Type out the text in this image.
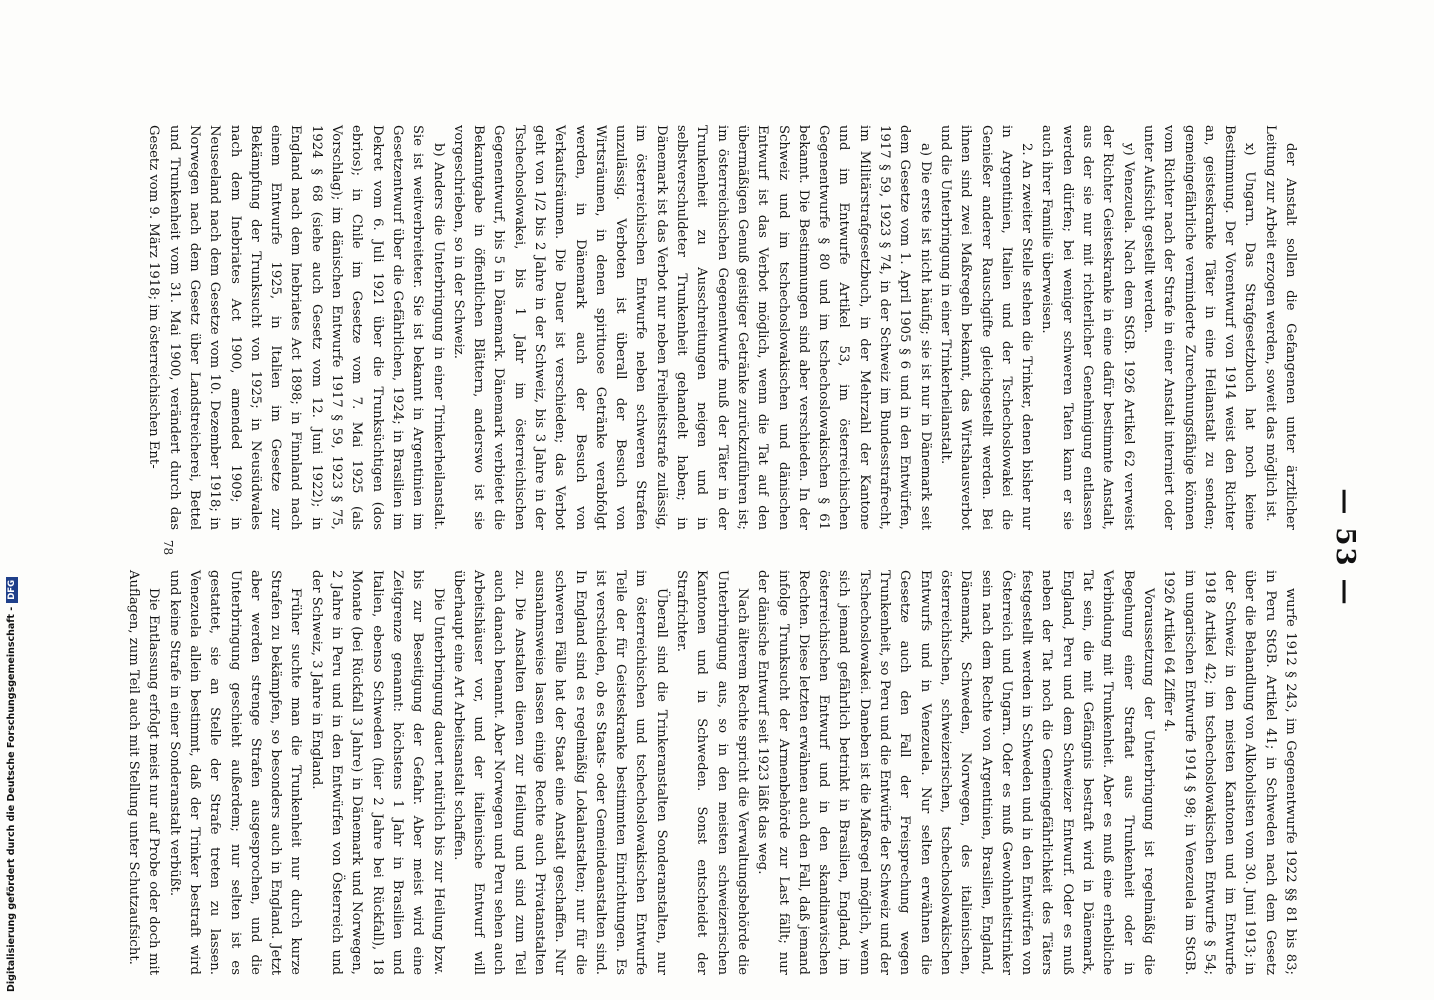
— 53 —

der Anstalt sollen die Gefangenen unter ärztlicher Leitung zur Arbeit erzogen werden, soweit das möglich ist.

x) Ungarn. Das Strafgesetzbuch hat noch keine Bestimmung. Der Vorentwurf von 1914 weist den Richter an, geisteskranke Täter in eine Heilanstalt zu senden; gemeingefährliche verminderte Zurechnungsfähige können vom Richter nach der Strafe in einer Anstalt interniert oder unter Aufsicht gestellt werden.

y) Venezuela. Nach dem StGB. 1926 Artikel 62 verweist der Richter Geisteskranke in eine dafür bestimmte Anstalt, aus der sie nur mit richterlicher Genehmigung entlassen werden dürfen; bei weniger schweren Taten kann er sie auch ihrer Familie überweisen.

2. An zweiter Stelle stehen die Trinker, denen bisher nur in Argentinien, Italien und der Tschechoslowakei die Genießer anderer Rauschgifte gleichgestellt werden. Bei ihnen sind zwei Maßregeln bekannt, das Wirtshausverbot und die Unterbringung in einer Trinkerheilanstalt.

a) Die erste ist nicht häufig; sie ist nur in Dänemark seit dem Gesetze vom 1. April 1905 § 6 und in den Entwürfen, 1917 § 59, 1923 § 74, in der Schweiz im Bundesstrafrecht, im Militärstrafgesetzbuch, in der Mehrzahl der Kantone und im Entwurfe Artikel 53, im österreichischen Gegenentwurfe § 80 und im tschechoslowakischen § 61 bekannt. Die Bestimmungen sind aber verschieden. In der Schweiz und im tschechoslowakischen und dänischen Entwurf ist das Verbot möglich, wenn die Tat auf den übermäßigen Genuß geistiger Getränke zurückzuführen ist; im österreichischen Gegenentwurfe muß der Täter in der Trunkenheit zu Ausschreitungen neigen und in selbstverschuldeter Trunkenheit gehandelt haben; in Dänemark ist das Verbot nur neben Freiheitsstrafe zulässig, im österreichischen Entwurfe neben schweren Strafen unzulässig. Verboten ist überall der Besuch von Wirtsräumen, in denen spirituose Getränke verabfolgt werden, in Dänemark auch der Besuch von Verkaufsräumen. Die Dauer ist verschieden; das Verbot geht von 1/2 bis 2 Jahre in der Schweiz, bis 3 Jahre in der Tschechoslowakei, bis 1 Jahr im österreichischen Gegenentwurf, bis 5 in Dänemark. Dänemark verbietet die Bekanntgabe in öffentlichen Blättern, anderswo ist sie vorgeschrieben, so in der Schweiz.

b) Anders die Unterbringung in einer Trinkerheilanstalt. Sie ist weitverbreiteter. Sie ist bekannt in Argentinien im Gesetzentwurf über die Gefährlichen, 1924; in Brasilien im Dekret vom 6. Juli 1921 über die Trunksüchtigen (dos ebrios); in Chile im Gesetze vom 7. Mai 1925 (als Vorschlag); im dänischen Entwurfe 1917 § 59, 1923 § 75, 1924 § 68 (siehe auch Gesetz vom 12. Juni 1922); in England nach dem Inebriates Act 1898; in Finnland nach einem Entwurfe 1925, in Italien im Gesetze zur Bekämpfung der Trunksucht von 1925; in Neusüdwales nach dem Inebriates Act 1900, amended 1909; in Neuseeland nach dem Gesetze vom 10. Dezember 1918; in Norwegen nach dem Gesetz über Landstreicherei, Bettel und Trunkenheit vom 31. Mai 1900, verändert durch das Gesetz vom 9. März 1918; im österreichischen Ent-

wurfe 1912 § 243, im Gegenentwurfe 1922 §§ 81 bis 83; in Peru StGB. Artikel 41; in Schweden nach dem Gesetz über die Behandlung von Alkoholisten vom 30. Juni 1913; in der Schweiz in den meisten Kantonen und im Entwurfe 1918 Artikel 42; im tschechoslowakischen Entwurfe § 54; im ungarischen Entwurfe 1914 § 98; in Venezuela im StGB. 1926 Artikel 64 Ziffer 4.

Voraussetzung der Unterbringung ist regelmäßig die Begehung einer Straftat aus Trunkenheit oder in Verbindung mit Trunkenheit. Aber es muß eine erhebliche Tat sein, die mit Gefängnis bestraft wird in Dänemark, England, Peru und dem Schweizer Entwurf. Oder es muß neben der Tat noch die Gemeingefährlichkeit des Täters festgestellt werden in Schweden und in den Entwürfen von Österreich und Ungarn. Oder es muß Gewohnheitstrinker sein nach dem Rechte von Argentinien, Brasilien, England, Dänemark, Schweden, Norwegen, des italienischen, österreichischen, schweizerischen, tschechoslowakischen Entwurfs und in Venezuela. Nur selten erwähnen die Gesetze auch den Fall der Freisprechung wegen Trunkenheit, so Peru und die Entwürfe der Schweiz und der Tschechoslowakei. Daneben ist die Maßregel möglich, wenn sich jemand gefährlich betrinkt in Brasilien, England, im österreichischen Entwurf und in den skandinavischen Rechten. Diese letzten erwähnen auch den Fall, daß jemand infolge Trunksucht der Armenbehörde zur Last fällt; nur der dänische Entwurf seit 1923 läßt das weg.

Nach älterem Rechte spricht die Verwaltungsbehörde die Unterbringung aus, so in den meisten schweizerischen Kantonen und in Schweden. Sonst entscheidet der Strafrichter.

Überall sind die Trinkeranstalten Sonderanstalten, nur im österreichischen und tschechoslowakischen Entwurfe Teile der für Geisteskranke bestimmten Einrichtungen. Es ist verschieden, ob es Staats- oder Gemeindeanstalten sind. In England sind es regelmäßig Lokalanstalten; nur für die schweren Fälle hat der Staat eine Anstalt geschaffen. Nur ausnahmsweise lassen einige Rechte auch Privatanstalten zu. Die Anstalten dienen zur Heilung und sind zum Teil auch danach benannt. Aber Norwegen und Peru sehen auch Arbeitshäuser vor, und der italienische Entwurf will überhaupt eine Art Arbeitsanstalt schaffen.

Die Unterbringung dauert natürlich bis zur Heilung bzw. bis zur Beseitigung der Gefahr. Aber meist wird eine Zeitgrenze genannt: höchstens 1 Jahr in Brasilien und Italien, ebenso Schweden (hier 2 Jahre bei Rückfall), 18 Monate (bei Rückfall 3 Jahre) in Dänemark und Norwegen, 2 Jahre in Peru und in den Entwürfen von Österreich und der Schweiz, 3 Jahre in England.

Früher suchte man die Trunkenheit nur durch kurze Strafen zu bekämpfen, so besonders auch in England. Jetzt aber werden strenge Strafen ausgesprochen, und die Unterbringung geschieht außerdem; nur selten ist es gestattet, sie an Stelle der Strafe treten zu lassen. Venezuela allein bestimmt, daß der Trinker bestraft wird und keine Strafe in einer Sonderanstalt verbüßt.

Die Entlassung erfolgt meist nur auf Probe oder doch mit Auflagen, zum Teil auch mit Stellung unter Schutzaufsicht.

78
Digitalisierung gefördert durch die Deutsche Forschungsgemeinschaft -DFG
